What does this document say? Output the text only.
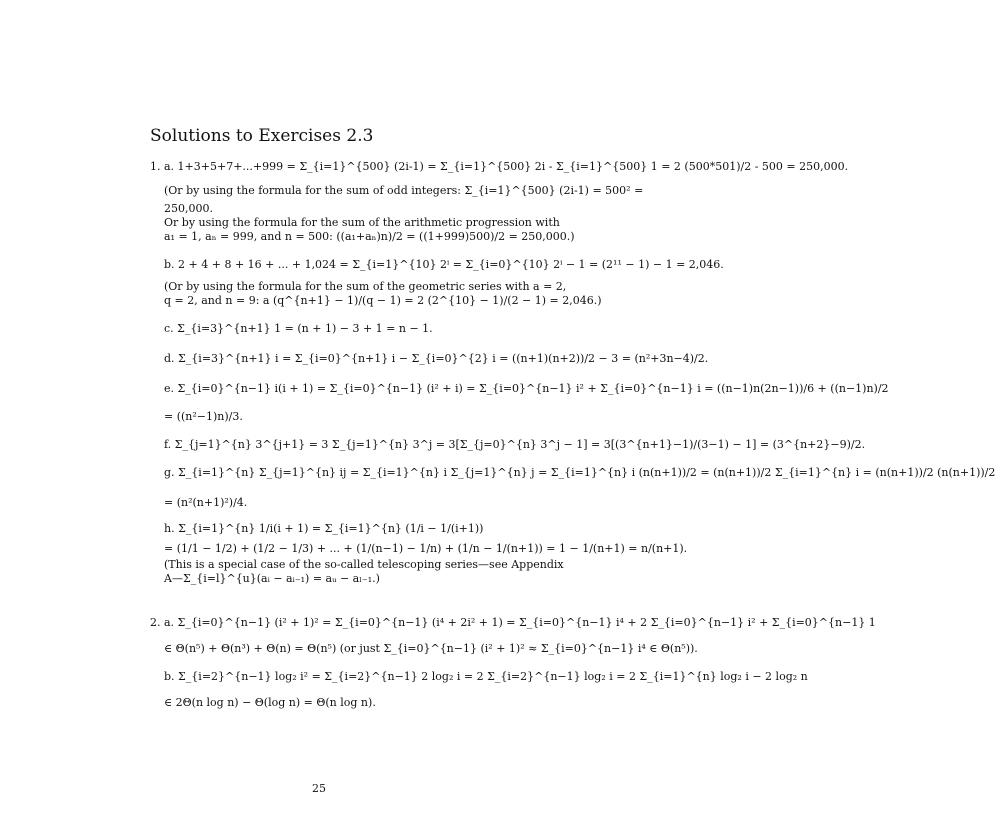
Solutions to Exercises 2.3
1. a. 1+3+5+7+...+999 = Σ_{i=1}^{500} (2i-1) = Σ_{i=1}^{500} 2i - Σ_{i=1}^{500} 1 = 2 (500*501)/2 - 500 = 250,000.
(Or by using the formula for the sum of odd integers: Σ_{i=1}^{500} (2i-1) = 500² =
250,000.
Or by using the formula for the sum of the arithmetic progression with
a₁ = 1, aₙ = 999, and n = 500: ((a₁+aₙ)n)/2 = ((1+999)500)/2 = 250,000.)
b. 2 + 4 + 8 + 16 + ... + 1,024 = Σ_{i=1}^{10} 2ⁱ = Σ_{i=0}^{10} 2ⁱ − 1 = (2¹¹ − 1) − 1 = 2,046.
(Or by using the formula for the sum of the geometric series with a = 2,
q = 2, and n = 9: a (q^{n+1} − 1)/(q − 1) = 2 (2^{10} − 1)/(2 − 1) = 2,046.)
c. Σ_{i=3}^{n+1} 1 = (n + 1) − 3 + 1 = n − 1.
d. Σ_{i=3}^{n+1} i = Σ_{i=0}^{n+1} i − Σ_{i=0}^{2} i = ((n+1)(n+2))/2 − 3 = (n²+3n−4)/2.
e. Σ_{i=0}^{n−1} i(i + 1) = Σ_{i=0}^{n−1} (i² + i) = Σ_{i=0}^{n−1} i² + Σ_{i=0}^{n−1} i = ((n−1)n(2n−1))/6 + ((n−1)n)/2
= ((n²−1)n)/3.
f. Σ_{j=1}^{n} 3^{j+1} = 3 Σ_{j=1}^{n} 3^j = 3[Σ_{j=0}^{n} 3^j − 1] = 3[(3^{n+1}−1)/(3−1) − 1] = (3^{n+2}−9)/2.
g. Σ_{i=1}^{n} Σ_{j=1}^{n} ij = Σ_{i=1}^{n} i Σ_{j=1}^{n} j = Σ_{i=1}^{n} i (n(n+1))/2 = (n(n+1))/2 Σ_{i=1}^{n} i = (n(n+1))/2 (n(n+1))/2
= (n²(n+1)²)/4.
h. Σ_{i=1}^{n} 1/i(i + 1) = Σ_{i=1}^{n} (1/i − 1/(i+1))
= (1/1 − 1/2) + (1/2 − 1/3) + ... + (1/(n−1) − 1/n) + (1/n − 1/(n+1)) = 1 − 1/(n+1) = n/(n+1).
(This is a special case of the so-called telescoping series—see Appendix
A—Σ_{i=l}^{u}(aᵢ − aᵢ₋₁) = aᵤ − aₗ₋₁.)
2. a. Σ_{i=0}^{n−1} (i² + 1)² = Σ_{i=0}^{n−1} (i⁴ + 2i² + 1) = Σ_{i=0}^{n−1} i⁴ + 2 Σ_{i=0}^{n−1} i² + Σ_{i=0}^{n−1} 1
∈ Θ(n⁵) + Θ(n³) + Θ(n) = Θ(n⁵) (or just Σ_{i=0}^{n−1} (i² + 1)² ≈ Σ_{i=0}^{n−1} i⁴ ∈ Θ(n⁵)).
b. Σ_{i=2}^{n−1} log₂ i² = Σ_{i=2}^{n−1} 2 log₂ i = 2 Σ_{i=2}^{n−1} log₂ i = 2 Σ_{i=1}^{n} log₂ i − 2 log₂ n
∈ 2Θ(n log n) − Θ(log n) = Θ(n log n).
25
